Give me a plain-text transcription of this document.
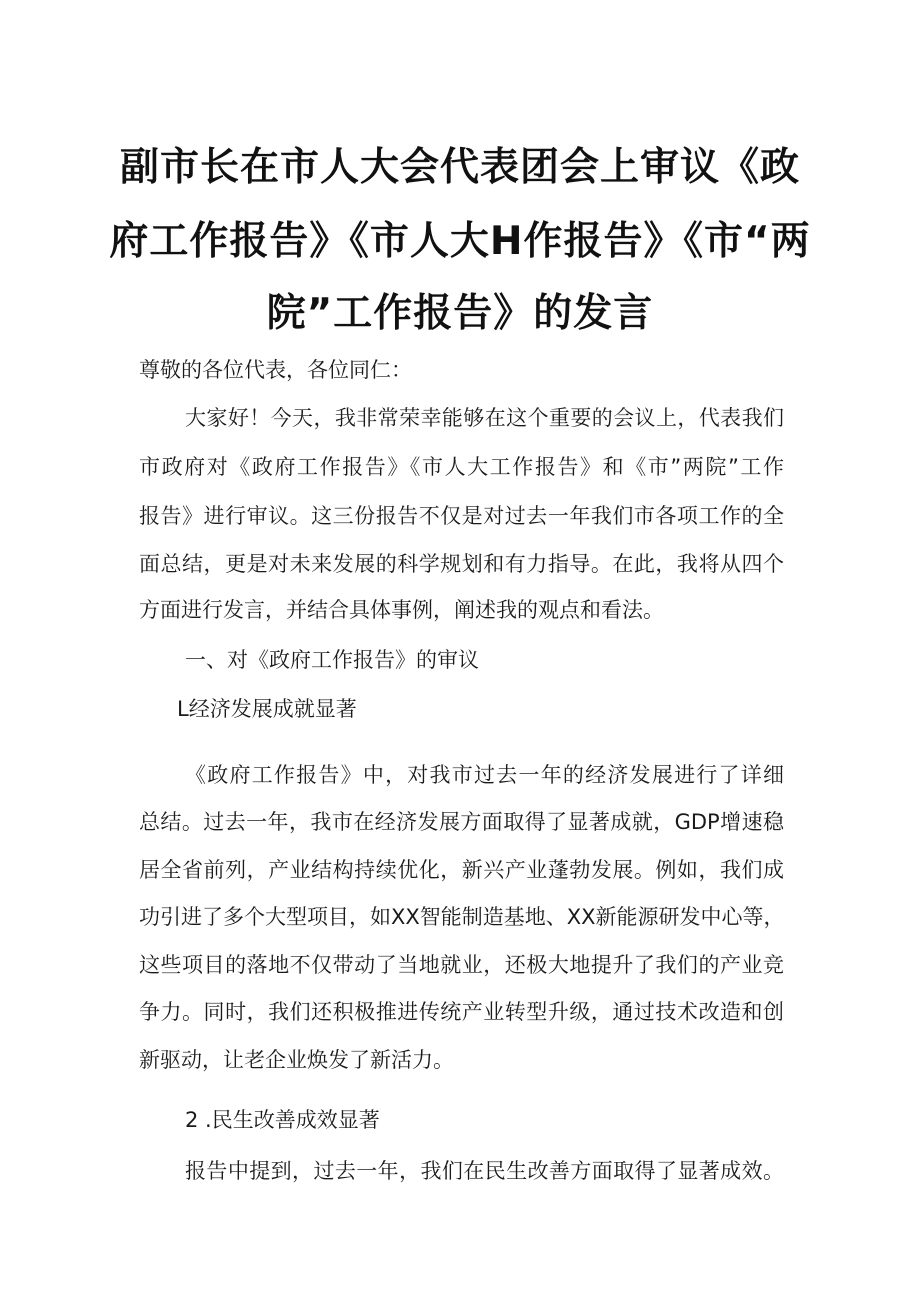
副市长在市人大会代表团会上审议《政
府工作报告》《市人大H作报告》《市“两
院”工作报告》的发言
尊敬的各位代表，各位同仁：
大家好！今天，我非常荣幸能够在这个重要的会议上，代表我们
市政府对《政府工作报告》《市人大工作报告》和《市”两院”工作
报告》进行审议。这三份报告不仅是对过去一年我们市各项工作的全
面总结，更是对未来发展的科学规划和有力指导。在此，我将从四个
方面进行发言，并结合具体事例，阐述我的观点和看法。
一、对《政府工作报告》的审议
L经济发展成就显著
《政府工作报告》中，对我市过去一年的经济发展进行了详细
总结。过去一年，我市在经济发展方面取得了显著成就，GDP增速稳
居全省前列，产业结构持续优化，新兴产业蓬勃发展。例如，我们成
功引进了多个大型项目，如XX智能制造基地、XX新能源研发中心等，
这些项目的落地不仅带动了当地就业，还极大地提升了我们的产业竞
争力。同时，我们还积极推进传统产业转型升级，通过技术改造和创
新驱动，让老企业焕发了新活力。
2 .民生改善成效显著
报告中提到，过去一年，我们在民生改善方面取得了显著成效。
